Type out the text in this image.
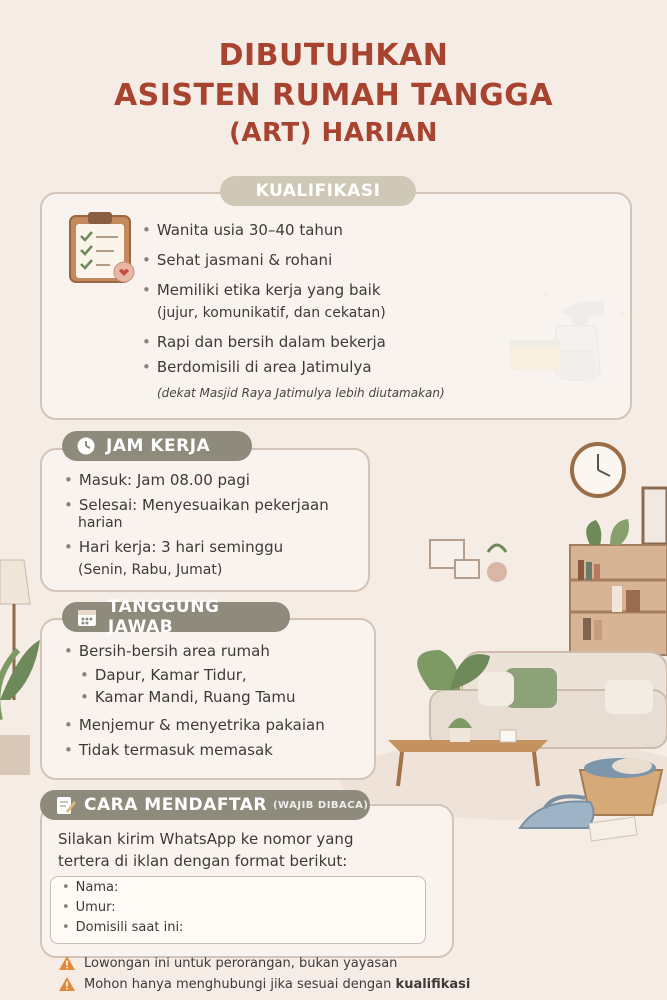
DIBUTUHKAN
ASISTEN RUMAH TANGGA
(ART) HARIAN
KUALIFIKASI
• Wanita usia 30–40 tahun
• Sehat jasmani & rohani
• Memiliki etika kerja yang baik
(jujur, komunikatif, dan cekatan)
• Rapi dan bersih dalam bekerja
• Berdomisili di area Jatimulya
(dekat Masjid Raya Jatimulya lebih diutamakan)
JAM KERJA
• Masuk: Jam 08.00 pagi
• Selesai: Menyesuaikan pekerjaan
harian
• Hari kerja: 3 hari seminggu
(Senin, Rabu, Jumat)
TANGGUNG JAWAB
• Bersih-bersih area rumah
• Dapur, Kamar Tidur,
• Kamar Mandi, Ruang Tamu
• Menjemur & menyetrika pakaian
• Tidak termasuk memasak
CARA MENDAFTAR (WAJIB DIBACA)
Silakan kirim WhatsApp ke nomor yang
tertera di iklan dengan format berikut:
• Nama:
• Umur:
• Domisili saat ini:
Lowongan ini untuk perorangan, bukan yayasan
Mohon hanya menghubungi jika sesuai dengan
kualifikasi
